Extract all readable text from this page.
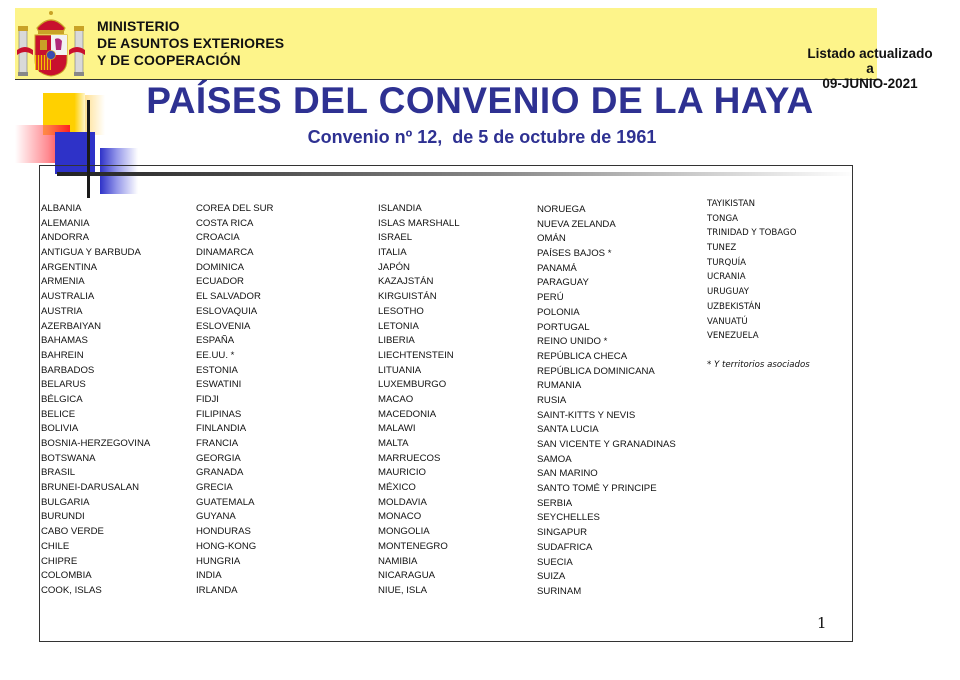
MINISTERIO
DE ASUNTOS EXTERIORES
Y DE COOPERACIÓN	Listado actualizado
a
09-JUNIO-2021
PAÍSES DEL CONVENIO DE LA HAYA
Convenio nº 12,  de 5 de octubre de 1961
ALBANIA
ALEMANIA
ANDORRA
ANTIGUA Y BARBUDA
ARGENTINA
ARMENIA
AUSTRALIA
AUSTRIA
AZERBAIYAN
BAHAMAS
BAHREIN
BARBADOS
BELARUS
BÉLGICA
BELICE
BOLIVIA
BOSNIA-HERZEGOVINA
BOTSWANA
BRASIL
BRUNEI-DARUSALAN
BULGARIA
BURUNDI
CABO VERDE
CHILE
CHIPRE
COLOMBIA
COOK, ISLAS
COREA DEL SUR
COSTA RICA
CROACIA
DINAMARCA
DOMINICA
ECUADOR
EL SALVADOR
ESLOVAQUIA
ESLOVENIA
ESPAÑA
EE.UU. *
ESTONIA
ESWATINI
FIDJI
FILIPINAS
FINLANDIA
FRANCIA
GEORGIA
GRANADA
GRECIA
GUATEMALA
GUYANA
HONDURAS
HONG-KONG
HUNGRIA
INDIA
IRLANDA
ISLANDIA
ISLAS MARSHALL
ISRAEL
ITALIA
JAPÓN
KAZAJSTÁN
KIRGUISTÁN
LESOTHO
LETONIA
LIBERIA
LIECHTENSTEIN
LITUANIA
LUXEMBURGO
MACAO
MACEDONIA
MALAWI
MALTA
MARRUECOS
MAURICIO
MÉXICO
MOLDAVIA
MONACO
MONGOLIA
MONTENEGRO
NAMIBIA
NICARAGUA
NIUE, ISLA
NORUEGA
NUEVA ZELANDA
OMÁN
PAÍSES BAJOS *
PANAMÁ
PARAGUAY
PERÚ
POLONIA
PORTUGAL
REINO UNIDO *
REPÚBLICA CHECA
REPÚBLICA DOMINICANA
RUMANIA
RUSIA
SAINT-KITTS Y NEVIS
SANTA LUCIA
SAN VICENTE Y GRANADINAS
SAMOA
SAN MARINO
SANTO TOMÉ Y PRINCIPE
SERBIA
SEYCHELLES
SINGAPUR
SUDAFRICA
SUECIA
SUIZA
SURINAM
TAYIKISTAN
TONGA
TRINIDAD Y TOBAGO
TUNEZ
TURQUÍA
UCRANIA
URUGUAY
UZBEKISTÁN
VANUATÚ
VENEZUELA
* Y territorios asociados
1
